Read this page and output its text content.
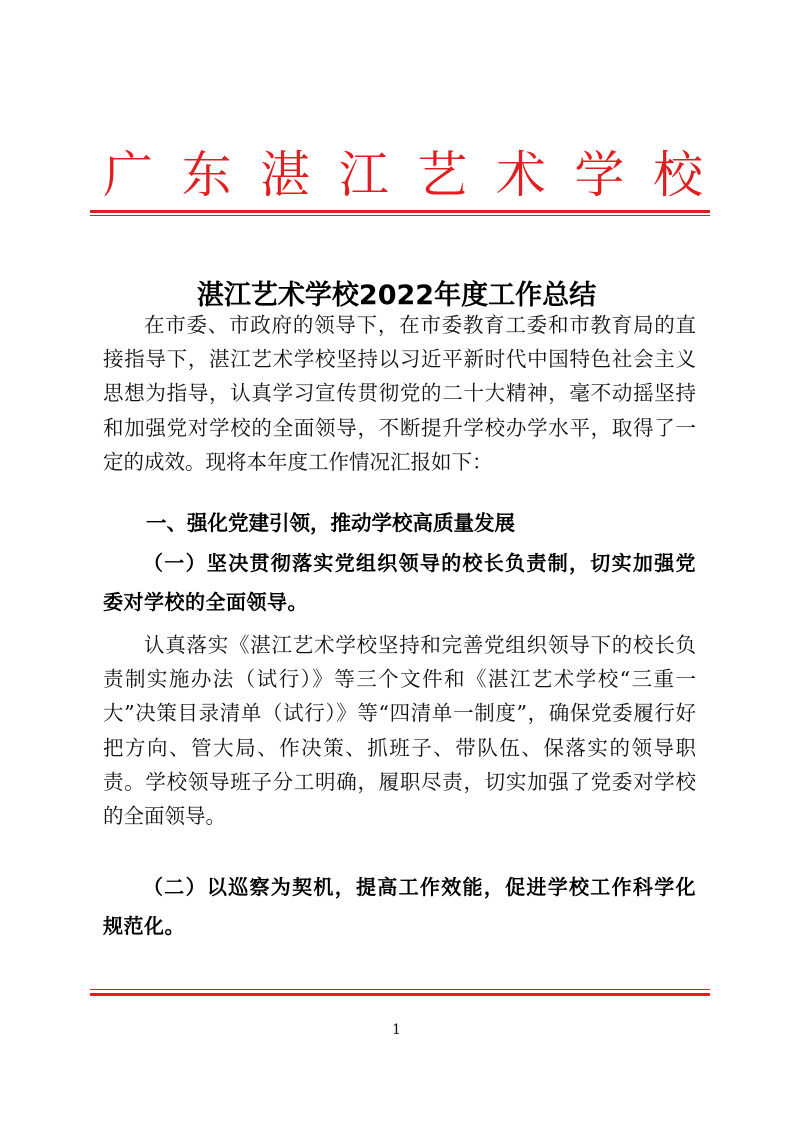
广 东 湛 江 艺 术 学 校
湛江艺术学校2022年度工作总结

在市委、市政府的领导下，在市委教育工委和市教育局的直接指导下，湛江艺术学校坚持以习近平新时代中国特色社会主义思想为指导，认真学习宣传贯彻党的二十大精神，毫不动摇坚持和加强党对学校的全面领导，不断提升学校办学水平，取得了一定的成效。现将本年度工作情况汇报如下：

一、强化党建引领，推动学校高质量发展

（一）坚决贯彻落实党组织领导的校长负责制，切实加强党委对学校的全面领导。

认真落实《湛江艺术学校坚持和完善党组织领导下的校长负责制实施办法（试行）》等三个文件和《湛江艺术学校“三重一大”决策目录清单（试行）》等“四清单一制度”，确保党委履行好把方向、管大局、作决策、抓班子、带队伍、保落实的领导职责。学校领导班子分工明确，履职尽责，切实加强了党委对学校的全面领导。

（二）以巡察为契机，提高工作效能，促进学校工作科学化规范化。

1
